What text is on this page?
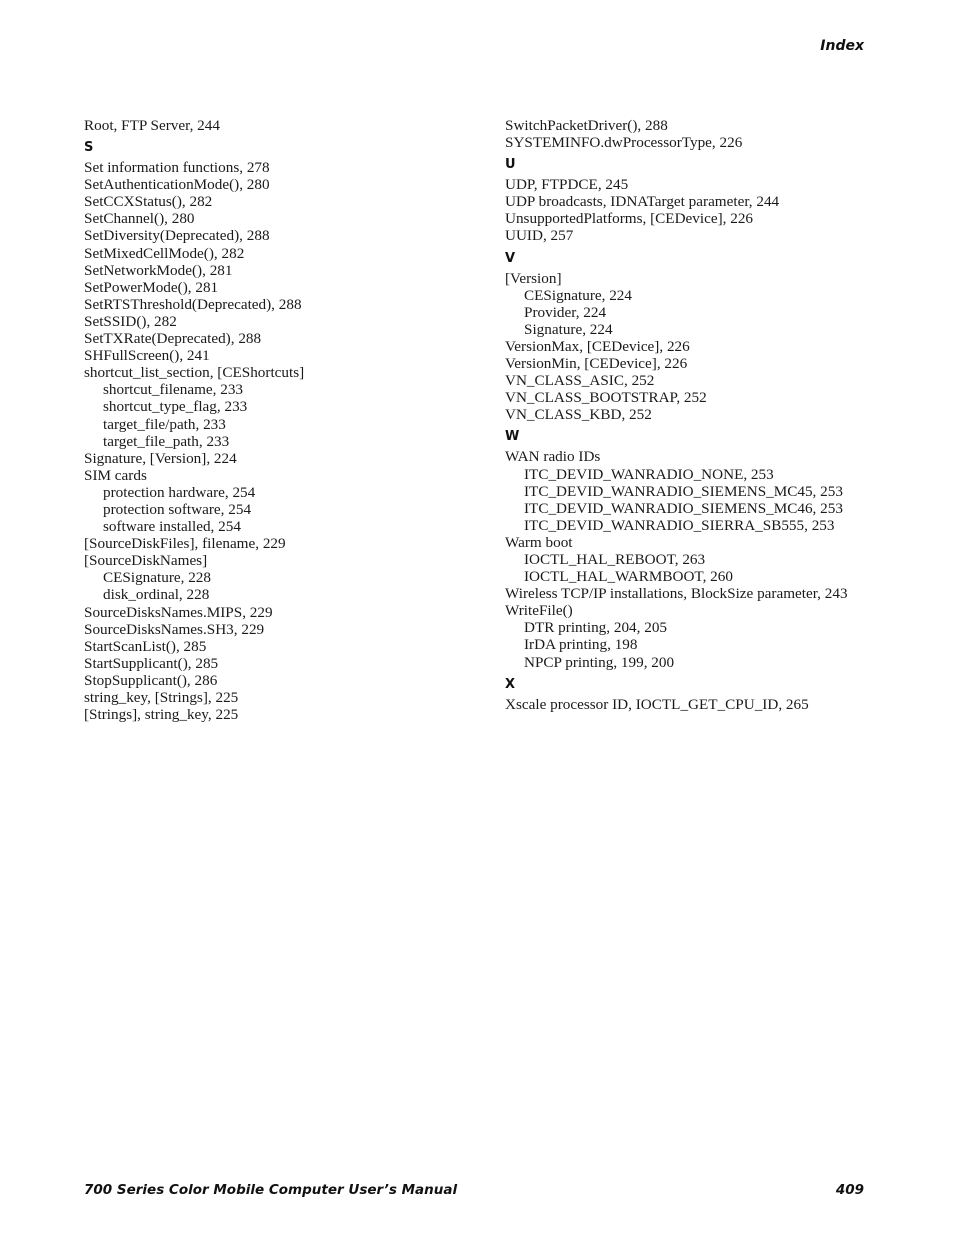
Index
Root, FTP Server, 244
S
Set information functions, 278
SetAuthenticationMode(), 280
SetCCXStatus(), 282
SetChannel(), 280
SetDiversity(Deprecated), 288
SetMixedCellMode(), 282
SetNetworkMode(), 281
SetPowerMode(), 281
SetRTSThreshold(Deprecated), 288
SetSSID(), 282
SetTXRate(Deprecated), 288
SHFullScreen(), 241
shortcut_list_section, [CEShortcuts]
shortcut_filename, 233
shortcut_type_flag, 233
target_file/path, 233
target_file_path, 233
Signature, [Version], 224
SIM cards
protection hardware, 254
protection software, 254
software installed, 254
[SourceDiskFiles], filename, 229
[SourceDiskNames]
CESignature, 228
disk_ordinal, 228
SourceDisksNames.MIPS, 229
SourceDisksNames.SH3, 229
StartScanList(), 285
StartSupplicant(), 285
StopSupplicant(), 286
string_key, [Strings], 225
[Strings], string_key, 225
SwitchPacketDriver(), 288
SYSTEMINFO.dwProcessorType, 226
U
UDP, FTPDCE, 245
UDP broadcasts, IDNATarget parameter, 244
UnsupportedPlatforms, [CEDevice], 226
UUID, 257
V
[Version]
CESignature, 224
Provider, 224
Signature, 224
VersionMax, [CEDevice], 226
VersionMin, [CEDevice], 226
VN_CLASS_ASIC, 252
VN_CLASS_BOOTSTRAP, 252
VN_CLASS_KBD, 252
W
WAN radio IDs
ITC_DEVID_WANRADIO_NONE, 253
ITC_DEVID_WANRADIO_SIEMENS_MC45, 253
ITC_DEVID_WANRADIO_SIEMENS_MC46, 253
ITC_DEVID_WANRADIO_SIERRA_SB555, 253
Warm boot
IOCTL_HAL_REBOOT, 263
IOCTL_HAL_WARMBOOT, 260
Wireless TCP/IP installations, BlockSize parameter, 243
WriteFile()
DTR printing, 204, 205
IrDA printing, 198
NPCP printing, 199, 200
X
Xscale processor ID, IOCTL_GET_CPU_ID, 265
700 Series Color Mobile Computer User’s Manual	409
